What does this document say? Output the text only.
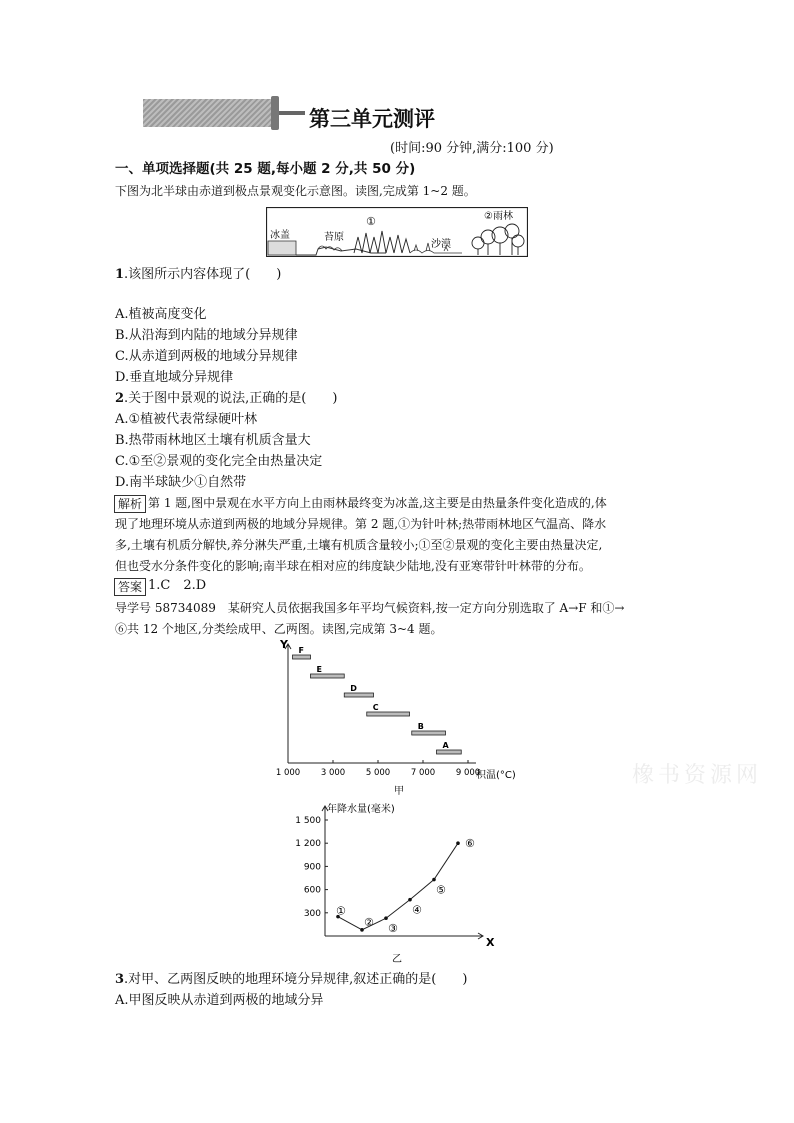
第三单元测评
(时间:90 分钟,满分:100 分)
一、单项选择题(共 25 题,每小题 2 分,共 50 分)
下图为北半球由赤道到极点景观变化示意图。读图,完成第 1~2 题。
冰盖	苔原
①
沙漠
②雨林
1.该图所示内容体现了(　　)
A.植被高度变化
B.从沿海到内陆的地域分异规律
C.从赤道到两极的地域分异规律
D.垂直地域分异规律
2.关于图中景观的说法,正确的是(　　)
A.①植被代表常绿硬叶林
B.热带雨林地区土壤有机质含量大
C.①至②景观的变化完全由热量决定
D.南半球缺少①自然带
解析 第 1 题,图中景观在水平方向上由雨林最终变为冰盖,这主要是由热量条件变化造成的,体
现了地理环境从赤道到两极的地域分异规律。第 2 题,①为针叶林;热带雨林地区气温高、降水
多,土壤有机质分解快,养分淋失严重,土壤有机质含量较小;①至②景观的变化主要由热量决定,
但也受水分条件变化的影响;南半球在相对应的纬度缺少陆地,没有亚寒带针叶林带的分布。
答案 1.C　2.D
导学号 58734089　某研究人员依据我国多年平均气候资料,按一定方向分别选取了 A→F 和①→
⑥共 12 个地区,分类绘成甲、乙两图。读图,完成第 3~4 题。
Y
积温(°C)
甲
1 000 3 000 5 000 7 000 9 000
F
E
D
C
B
A
年降水量(毫米)
X
乙
1 500
1 200
900
600
300 ①
② ③
④
⑤
⑥
3.对甲、乙两图反映的地理环境分异规律,叙述正确的是(　　)
A.甲图反映从赤道到两极的地域分异
橡书资源网
